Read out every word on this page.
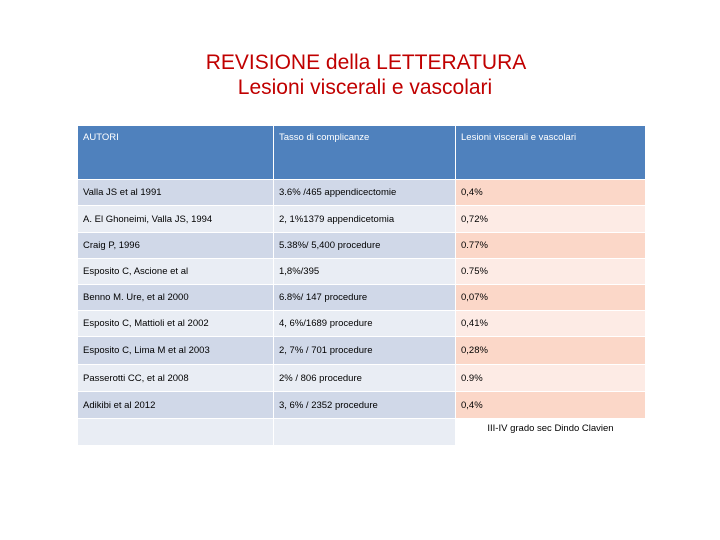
REVISIONE della LETTERATURA
Lesioni viscerali e vascolari
AUTORI	Tasso di complicanze	Lesioni viscerali e vascolari
Valla JS et al 1991	3.6% /465 appendicectomie	0,4%
A. El Ghoneimi, Valla JS, 1994	2, 1%1379 appendicetomia	0,72%
Craig P, 1996	5.38%/ 5,400 procedure	0.77%
Esposito C, Ascione et al	1,8%/395	0.75%
Benno M. Ure, et al 2000	6.8%/ 147 procedure	0,07%
Esposito C, Mattioli et al 2002	4, 6%/1689 procedure	0,41%
Esposito C, Lima M et al 2003	2, 7% / 701 procedure	0,28%
Passerotti CC, et al 2008	2% / 806 procedure	0.9%
Adikibi et al 2012	3, 6% / 2352 procedure	0,4%
		III-IV grado sec Dindo Clavien
